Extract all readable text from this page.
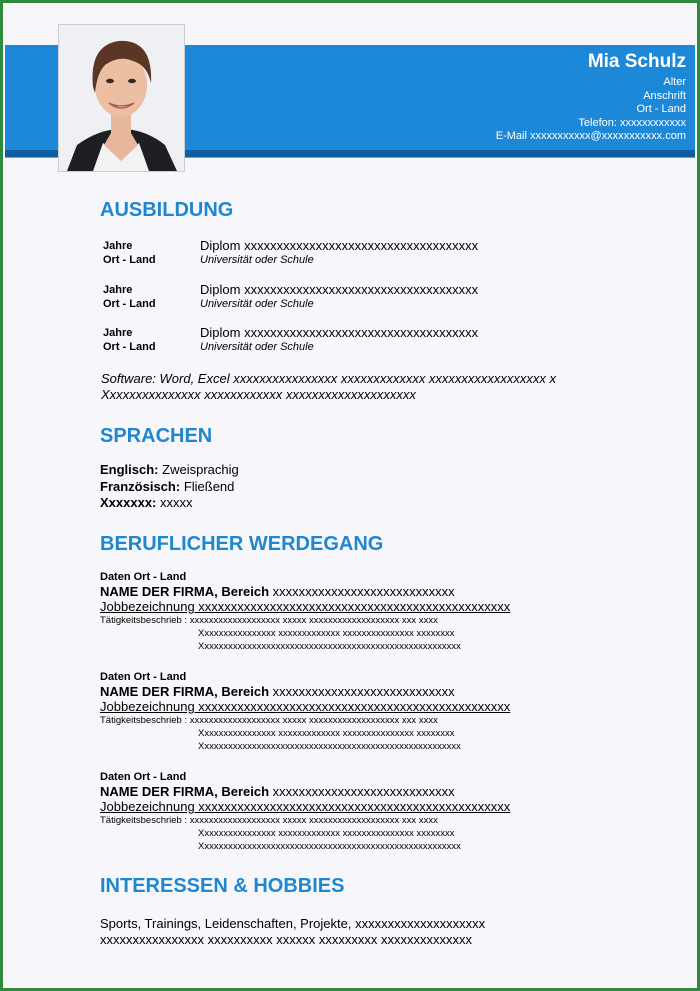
Mia Schulz
Alter
Anschrift
Ort - Land
Telefon: xxxxxxxxxxxx
E-Mail xxxxxxxxxxx@xxxxxxxxxxx.com
AUSBILDUNG
Jahre
Ort - Land
Diplom xxxxxxxxxxxxxxxxxxxxxxxxxxxxxxxxxxxx
Universität oder Schule
Jahre
Ort - Land
Diplom xxxxxxxxxxxxxxxxxxxxxxxxxxxxxxxxxxxx
Universität oder Schule
Jahre
Ort - Land
Diplom xxxxxxxxxxxxxxxxxxxxxxxxxxxxxxxxxxxx
Universität oder Schule
Software: Word, Excel xxxxxxxxxxxxxxxx xxxxxxxxxxxxx xxxxxxxxxxxxxxxxxx x
Xxxxxxxxxxxxxxx xxxxxxxxxxxx xxxxxxxxxxxxxxxxxxxx
SPRACHEN
Englisch: Zweisprachig
Französisch: Fließend
Xxxxxxx: xxxxx
BERUFLICHER WERDEGANG
Daten Ort - Land
NAME DER FIRMA, Bereich xxxxxxxxxxxxxxxxxxxxxxxxxxxx
Jobbezeichnung xxxxxxxxxxxxxxxxxxxxxxxxxxxxxxxxxxxxxxxxxxxxxxxx
Tätigkeitsbeschrieb : xxxxxxxxxxxxxxxxxxx xxxxx xxxxxxxxxxxxxxxxxxx xxx xxxx
Xxxxxxxxxxxxxxxx xxxxxxxxxxxxx xxxxxxxxxxxxxxx xxxxxxxx
Xxxxxxxxxxxxxxxxxxxxxxxxxxxxxxxxxxxxxxxxxxxxxxxxxxxxxxx
Daten Ort - Land
NAME DER FIRMA, Bereich xxxxxxxxxxxxxxxxxxxxxxxxxxxx
Jobbezeichnung xxxxxxxxxxxxxxxxxxxxxxxxxxxxxxxxxxxxxxxxxxxxxxxx
Tätigkeitsbeschrieb : xxxxxxxxxxxxxxxxxxx xxxxx xxxxxxxxxxxxxxxxxxx xxx xxxx
Xxxxxxxxxxxxxxxx xxxxxxxxxxxxx xxxxxxxxxxxxxxx xxxxxxxx
Xxxxxxxxxxxxxxxxxxxxxxxxxxxxxxxxxxxxxxxxxxxxxxxxxxxxxxx
Daten Ort - Land
NAME DER FIRMA, Bereich xxxxxxxxxxxxxxxxxxxxxxxxxxxx
Jobbezeichnung xxxxxxxxxxxxxxxxxxxxxxxxxxxxxxxxxxxxxxxxxxxxxxxx
Tätigkeitsbeschrieb : xxxxxxxxxxxxxxxxxxx xxxxx xxxxxxxxxxxxxxxxxxx xxx xxxx
Xxxxxxxxxxxxxxxx xxxxxxxxxxxxx xxxxxxxxxxxxxxx xxxxxxxx
Xxxxxxxxxxxxxxxxxxxxxxxxxxxxxxxxxxxxxxxxxxxxxxxxxxxxxxx
INTERESSEN & HOBBIES
Sports, Trainings, Leidenschaften, Projekte, xxxxxxxxxxxxxxxxxxxx
xxxxxxxxxxxxxxxx xxxxxxxxxx xxxxxx xxxxxxxxx xxxxxxxxxxxxxx
